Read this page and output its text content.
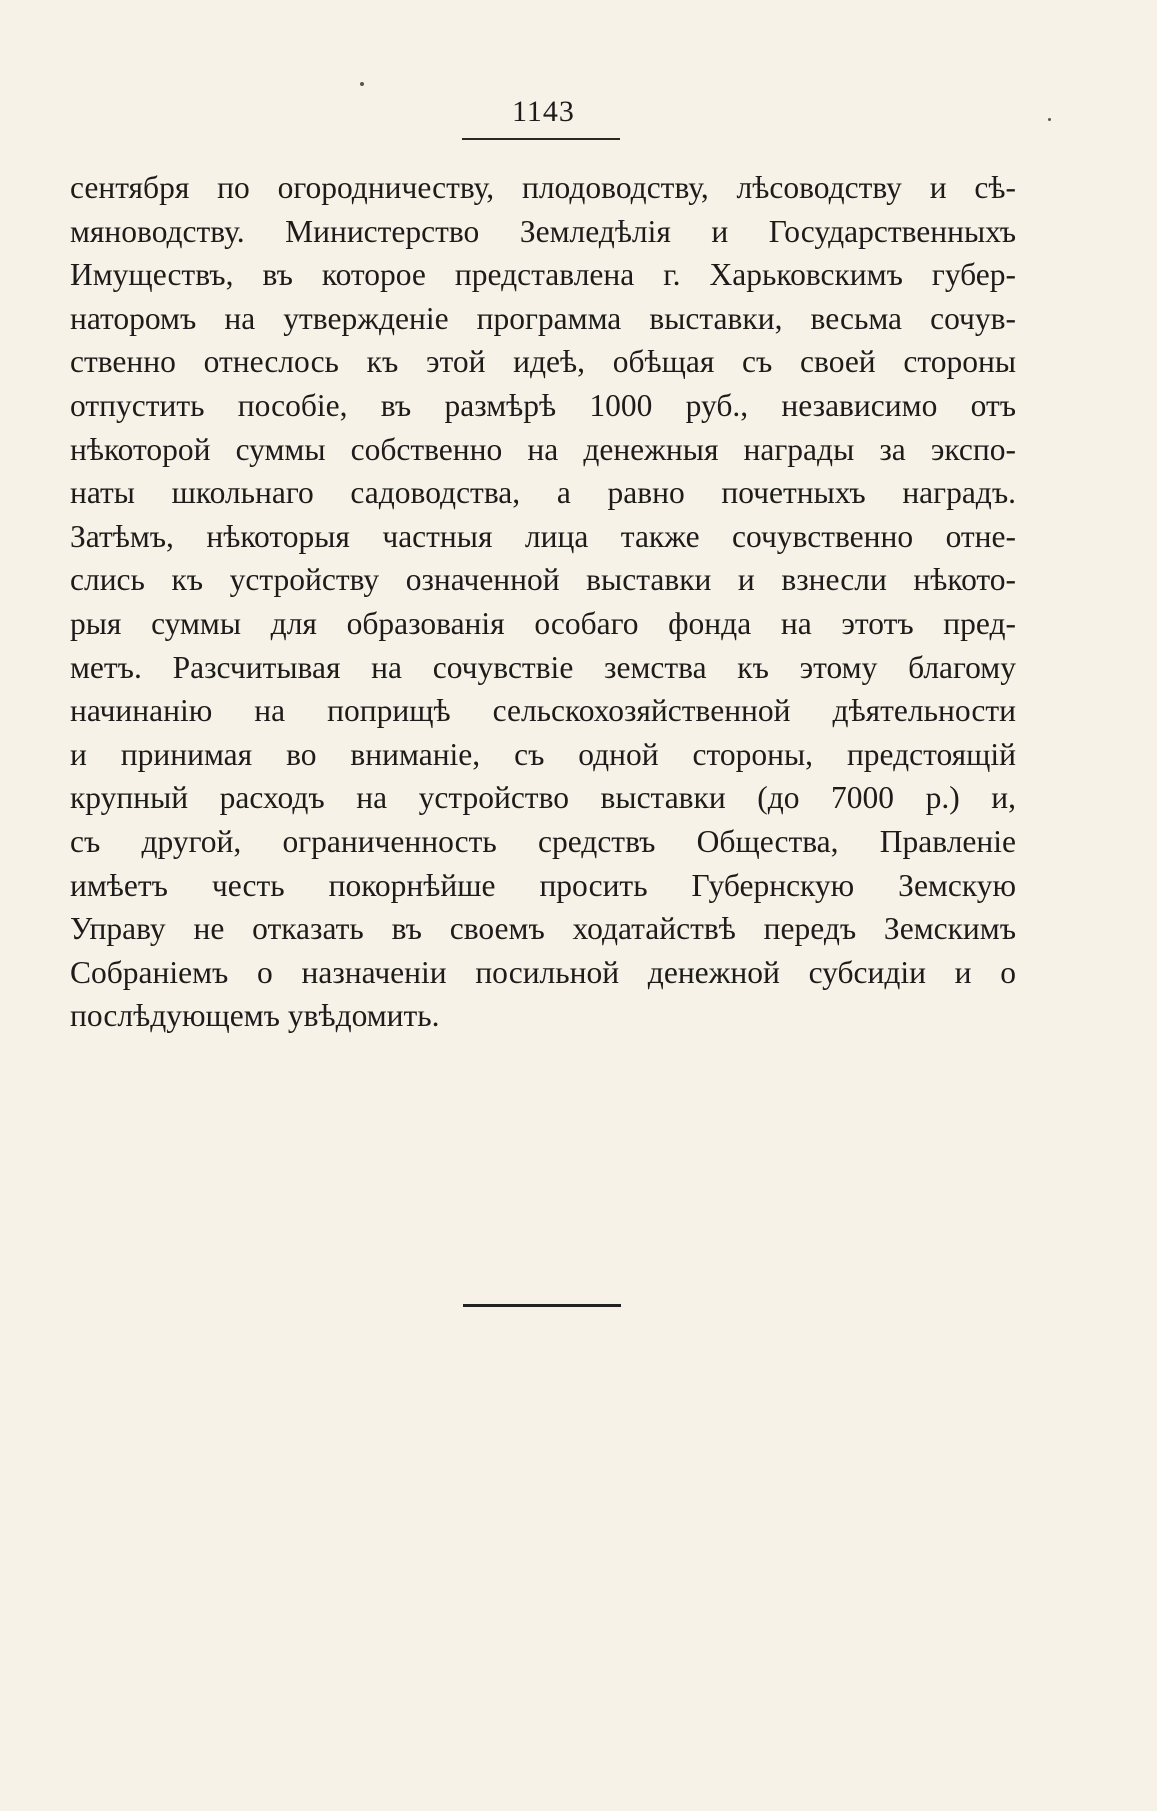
1143
сентября по огородничеству, плодоводству, лѣсоводству и сѣ-
мяноводству. Министерство Земледѣлія и Государственныхъ
Имуществъ, въ которое представлена г. Харьковскимъ губер-
наторомъ на утвержденіе программа выставки, весьма сочув-
ственно отнеслось къ этой идеѣ, обѣщая съ своей стороны
отпустить пособіе, въ размѣрѣ 1000 руб., независимо отъ
нѣкоторой суммы собственно на денежныя награды за экспо-
наты школьнаго садоводства, а равно почетныхъ наградъ.
Затѣмъ, нѣкоторыя частныя лица также сочувственно отне-
слись къ устройству означенной выставки и взнесли нѣкото-
рыя суммы для образованія особаго фонда на этотъ пред-
метъ. Разсчитывая на сочувствіе земства къ этому благому
начинанію на поприщѣ сельскохозяйственной дѣятельности
и принимая во вниманіе, съ одной стороны, предстоящій
крупный расходъ на устройство выставки (до 7000 р.) и,
съ другой, ограниченность средствъ Общества, Правленіе
имѣетъ честь покорнѣйше просить Губернскую Земскую
Управу не отказать въ своемъ ходатайствѣ передъ Земскимъ
Собраніемъ о назначеніи посильной денежной субсидіи и о
послѣдующемъ увѣдомить.
